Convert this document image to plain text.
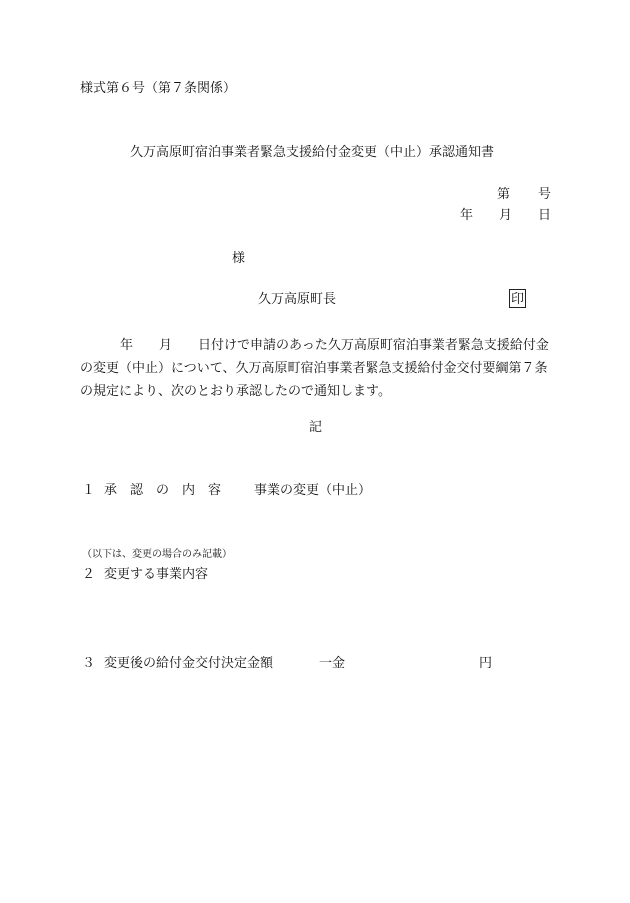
様式第６号（第７条関係）
久万高原町宿泊事業者緊急支援給付金変更（中止）承認通知書
第 号
年 月 日
様
久万高原町長	印
年 月 日付けで申請のあった久万高原町宿泊事業者緊急支援給付金の変更（中止）について、久万高原町宿泊事業者緊急支援給付金交付要綱第７条の規定により、次のとおり承認したので通知します。
記
１ 承　認　の　内　容	事業の変更（中止）
（以下は、変更の場合のみ記載）
２ 変更する事業内容
３ 変更後の給付金交付決定金額	一金	円
